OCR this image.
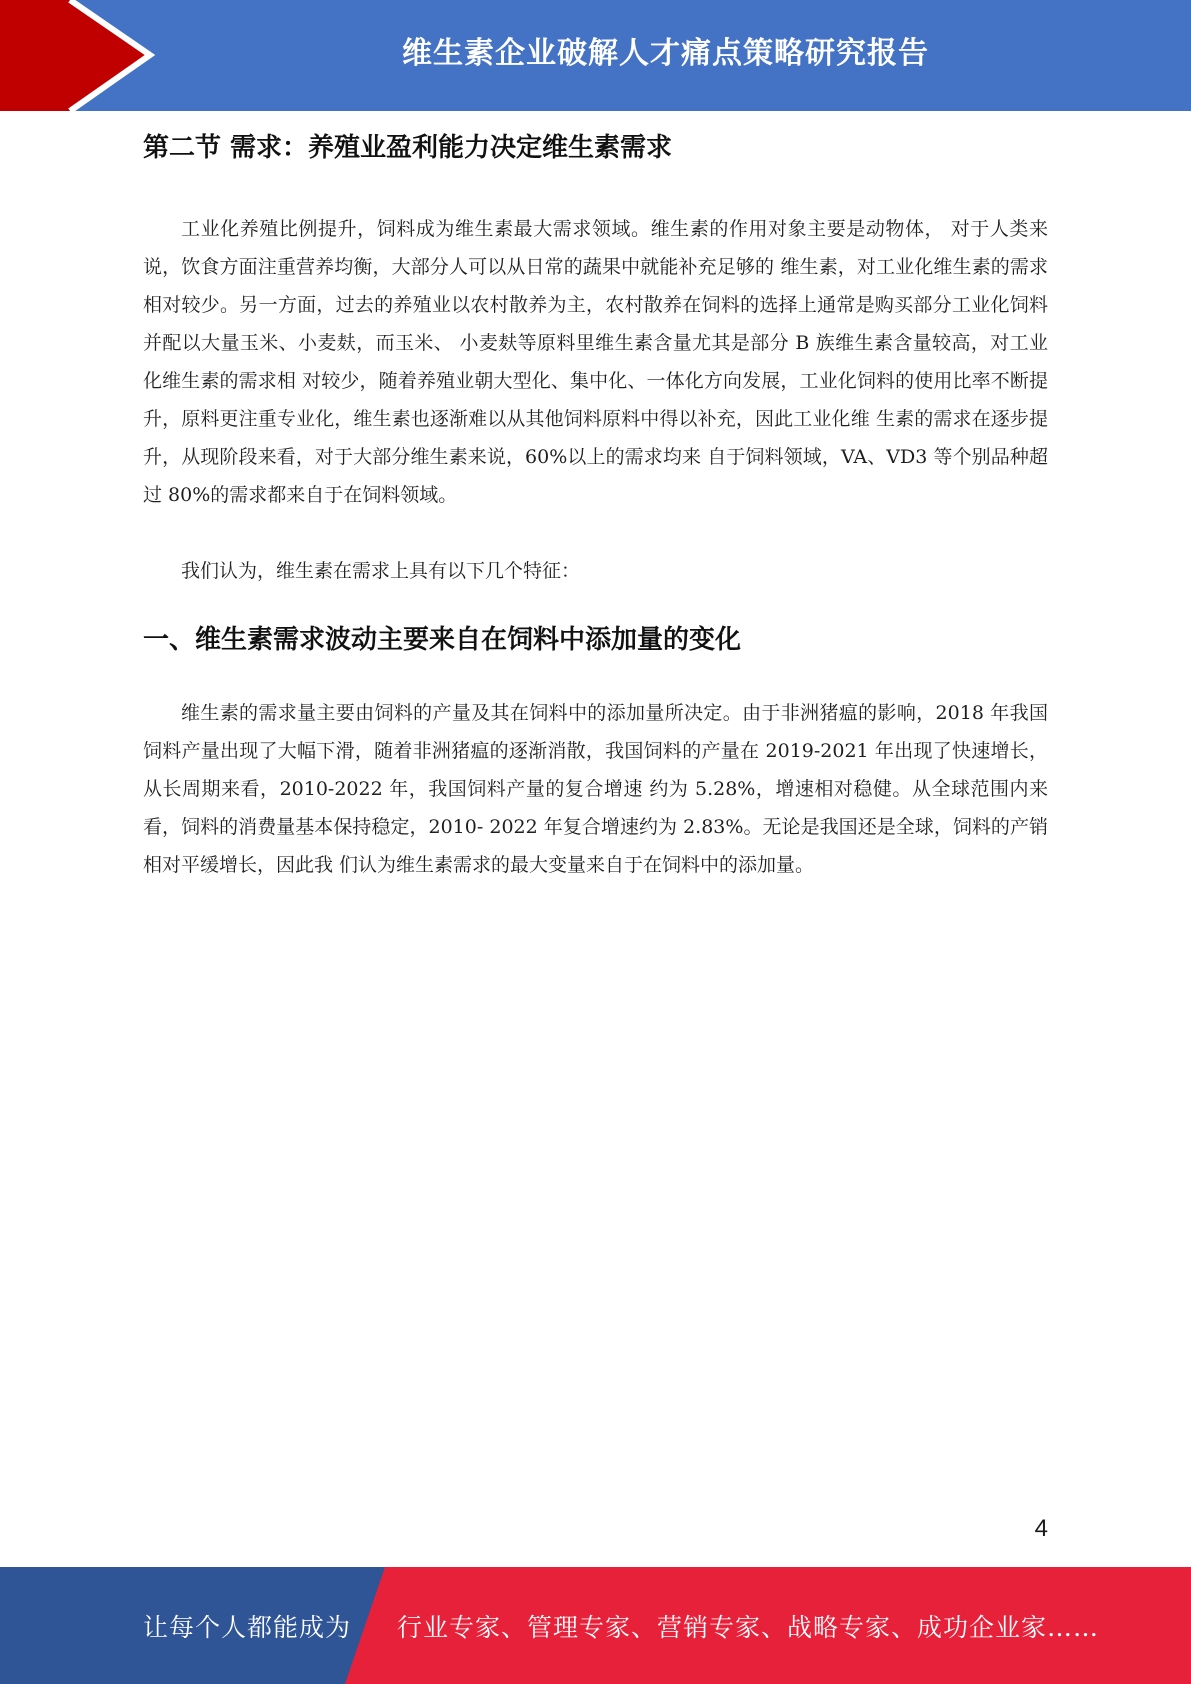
维生素企业破解人才痛点策略研究报告
第二节 需求：养殖业盈利能力决定维生素需求

工业化养殖比例提升，饲料成为维生素最大需求领域。维生素的作用对象主要是动物体， 对于人类来说，饮食方面注重营养均衡，大部分人可以从日常的蔬果中就能补充足够的 维生素，对工业化维生素的需求相对较少。另一方面，过去的养殖业以农村散养为主，农村散养在饲料的选择上通常是购买部分工业化饲料并配以大量玉米、小麦麸，而玉米、 小麦麸等原料里维生素含量尤其是部分 B 族维生素含量较高，对工业化维生素的需求相 对较少，随着养殖业朝大型化、集中化、一体化方向发展，工业化饲料的使用比率不断提 升，原料更注重专业化，维生素也逐渐难以从其他饲料原料中得以补充，因此工业化维 生素的需求在逐步提升，从现阶段来看，对于大部分维生素来说，60%以上的需求均来 自于饲料领域，VA、VD3 等个别品种超过 80%的需求都来自于在饲料领域。

我们认为，维生素在需求上具有以下几个特征：

一、维生素需求波动主要来自在饲料中添加量的变化

维生素的需求量主要由饲料的产量及其在饲料中的添加量所决定。由于非洲猪瘟的影响，2018 年我国饲料产量出现了大幅下滑，随着非洲猪瘟的逐渐消散，我国饲料的产量在 2019-2021 年出现了快速增长，从长周期来看，2010-2022 年，我国饲料产量的复合增速 约为 5.28%，增速相对稳健。从全球范围内来看，饲料的消费量基本保持稳定，2010- 2022 年复合增速约为 2.83%。无论是我国还是全球，饲料的产销相对平缓增长，因此我 们认为维生素需求的最大变量来自于在饲料中的添加量。

4
让每个人都能成为 行业专家、管理专家、营销专家、战略专家、成功企业家……
